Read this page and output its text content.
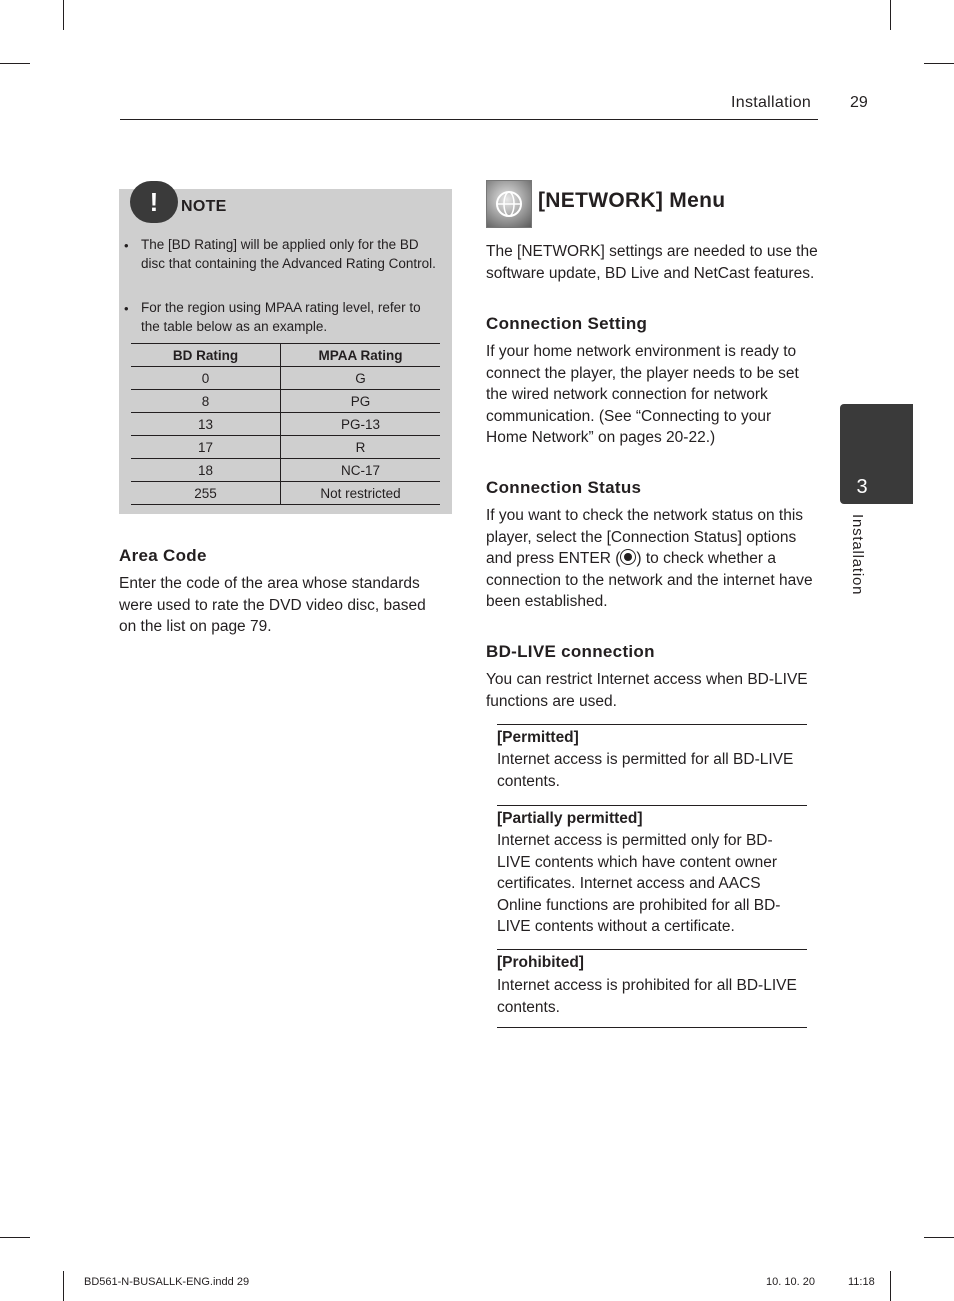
Installation 29
! NOTE
• The [BD Rating] will be applied only for the BD disc that containing the Advanced Rating Control.
• For the region using MPAA rating level, refer to the table below as an example.
BD Rating	MPAA Rating
0	G
8	PG
13	PG-13
17	R
18	NC-17
255	Not restricted
Area Code
Enter the code of the area whose standards were used to rate the DVD video disc, based on the list on page 79.
[NETWORK] Menu
The [NETWORK] settings are needed to use the software update, BD Live and NetCast features.
Connection Setting
If your home network environment is ready to connect the player, the player needs to be set the wired network connection for network communication. (See “Connecting to your Home Network” on pages 20-22.)
Connection Status
If you want to check the network status on this player, select the [Connection Status] options and press ENTER ( ) to check whether a connection to the network and the internet have been established.
BD-LIVE connection
You can restrict Internet access when BD-LIVE functions are used.
[Permitted]
Internet access is permitted for all BD-LIVE contents.
[Partially permitted]
Internet access is permitted only for BD-LIVE contents which have content owner certificates. Internet access and AACS Online functions are prohibited for all BD-LIVE contents without a certificate.
[Prohibited]
Internet access is prohibited for all BD-LIVE contents.
3
Installation
BD561-N-BUSALLK-ENG.indd 29	10. 10. 20	11:18
